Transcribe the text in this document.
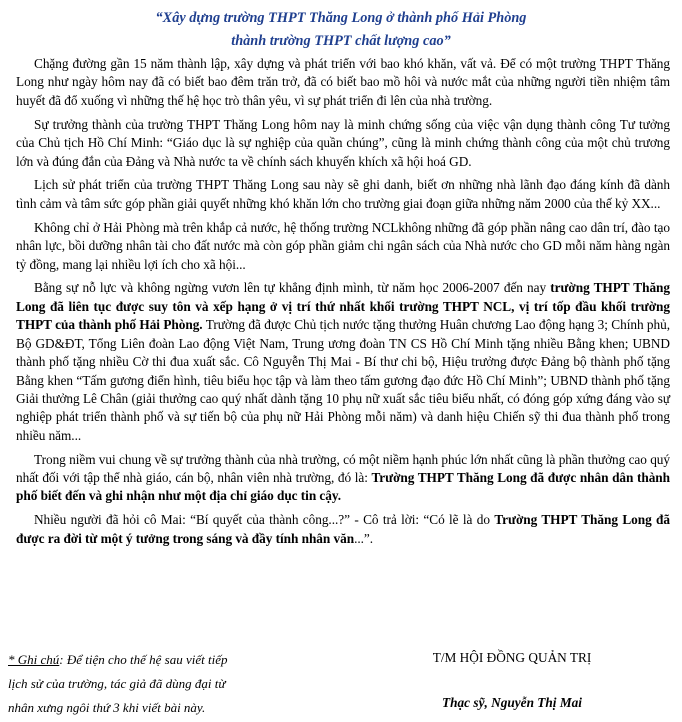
“Xây dựng trường THPT Thăng Long ở thành phố Hải Phòng
thành trường THPT chất lượng cao”

Chặng đường gần 15 năm thành lập, xây dựng và phát triển với bao khó khăn, vất vả. Để có một trường THPT Thăng Long như ngày hôm nay đã có biết bao đêm trăn trở, đã có biết bao mồ hôi và nước mắt của những người tiền nhiệm tâm huyết đã đổ xuống vì những thế hệ học trò thân yêu, vì sự phát triển đi lên của nhà trường.

Sự trưởng thành của trường THPT Thăng Long hôm nay là minh chứng sống của việc vận dụng thành công Tư tưởng của Chủ tịch Hồ Chí Minh: “Giáo dục là sự nghiệp của quần chúng”, cũng là minh chứng thành công của một chủ trương lớn và đúng đắn của Đảng và Nhà nước ta về chính sách khuyến khích xã hội hoá GD.

Lịch sử phát triển của trường THPT Thăng Long sau này sẽ ghi danh, biết ơn những nhà lãnh đạo đáng kính đã dành tình cảm và tâm sức góp phần giải quyết những khó khăn lớn cho trường giai đoạn giữa những năm 2000 của thế kỷ XX...

Không chỉ ở Hải Phòng mà trên khắp cả nước, hệ thống trường NCLkhông những đã góp phần nâng cao dân trí, đào tạo nhân lực, bồi dưỡng nhân tài cho đất nước mà còn góp phần giảm chi ngân sách của Nhà nước cho GD mỗi năm hàng ngàn tỷ đồng, mang lại nhiều lợi ích cho xã hội...

Bằng sự nỗ lực và không ngừng vươn lên tự khẳng định mình, từ năm học 2006-2007 đến nay trường THPT Thăng Long đã liên tục được suy tôn và xếp hạng ở vị trí thứ nhất khối trường THPT NCL, vị trí tốp đầu khối trường THPT của thành phố Hải Phòng. Trường đã được Chủ tịch nước tặng thưởng Huân chương Lao động hạng 3; Chính phủ, Bộ GD&ĐT, Tổng Liên đoàn Lao động Việt Nam, Trung ương đoàn TN CS Hồ Chí Minh tặng nhiều Bằng khen; UBND thành phố tặng nhiều Cờ thi đua xuất sắc. Cô Nguyễn Thị Mai - Bí thư chi bộ, Hiệu trưởng được Đảng bộ thành phố tặng Bằng khen “Tấm gương điển hình, tiêu biểu học tập và làm theo tấm gương đạo đức Hồ Chí Minh”; UBND thành phố tặng Giải thưởng Lê Chân (giải thưởng cao quý nhất dành tặng 10 phụ nữ xuất sắc tiêu biểu nhất, có đóng góp xứng đáng vào sự nghiệp phát triển thành phố và sự tiến bộ của phụ nữ Hải Phòng mỗi năm) và danh hiệu Chiến sỹ thi đua thành phố trong nhiều năm...

Trong niềm vui chung về sự trưởng thành của nhà trường, có một niềm hạnh phúc lớn nhất cũng là phần thưởng cao quý nhất đối với tập thể nhà giáo, cán bộ, nhân viên nhà trường, đó là: Trường THPT Thăng Long đã được nhân dân thành phố biết đến và ghi nhận như một địa chỉ giáo dục tin cậy.

Nhiều người đã hỏi cô Mai: “Bí quyết của thành công...?” - Cô trả lời: “Có lẽ là do Trường THPT Thăng Long đã được ra đời từ một ý tưởng trong sáng và đầy tính nhân văn...”.

* Ghi chú: Để tiện cho thế hệ sau viết tiếp
lịch sử của trường, tác giả đã dùng đại từ
nhân xưng ngôi thứ 3 khi viết bài này.
T/M HỘI ĐỒNG QUẢN TRỊ
Thạc sỹ, Nguyễn Thị Mai
